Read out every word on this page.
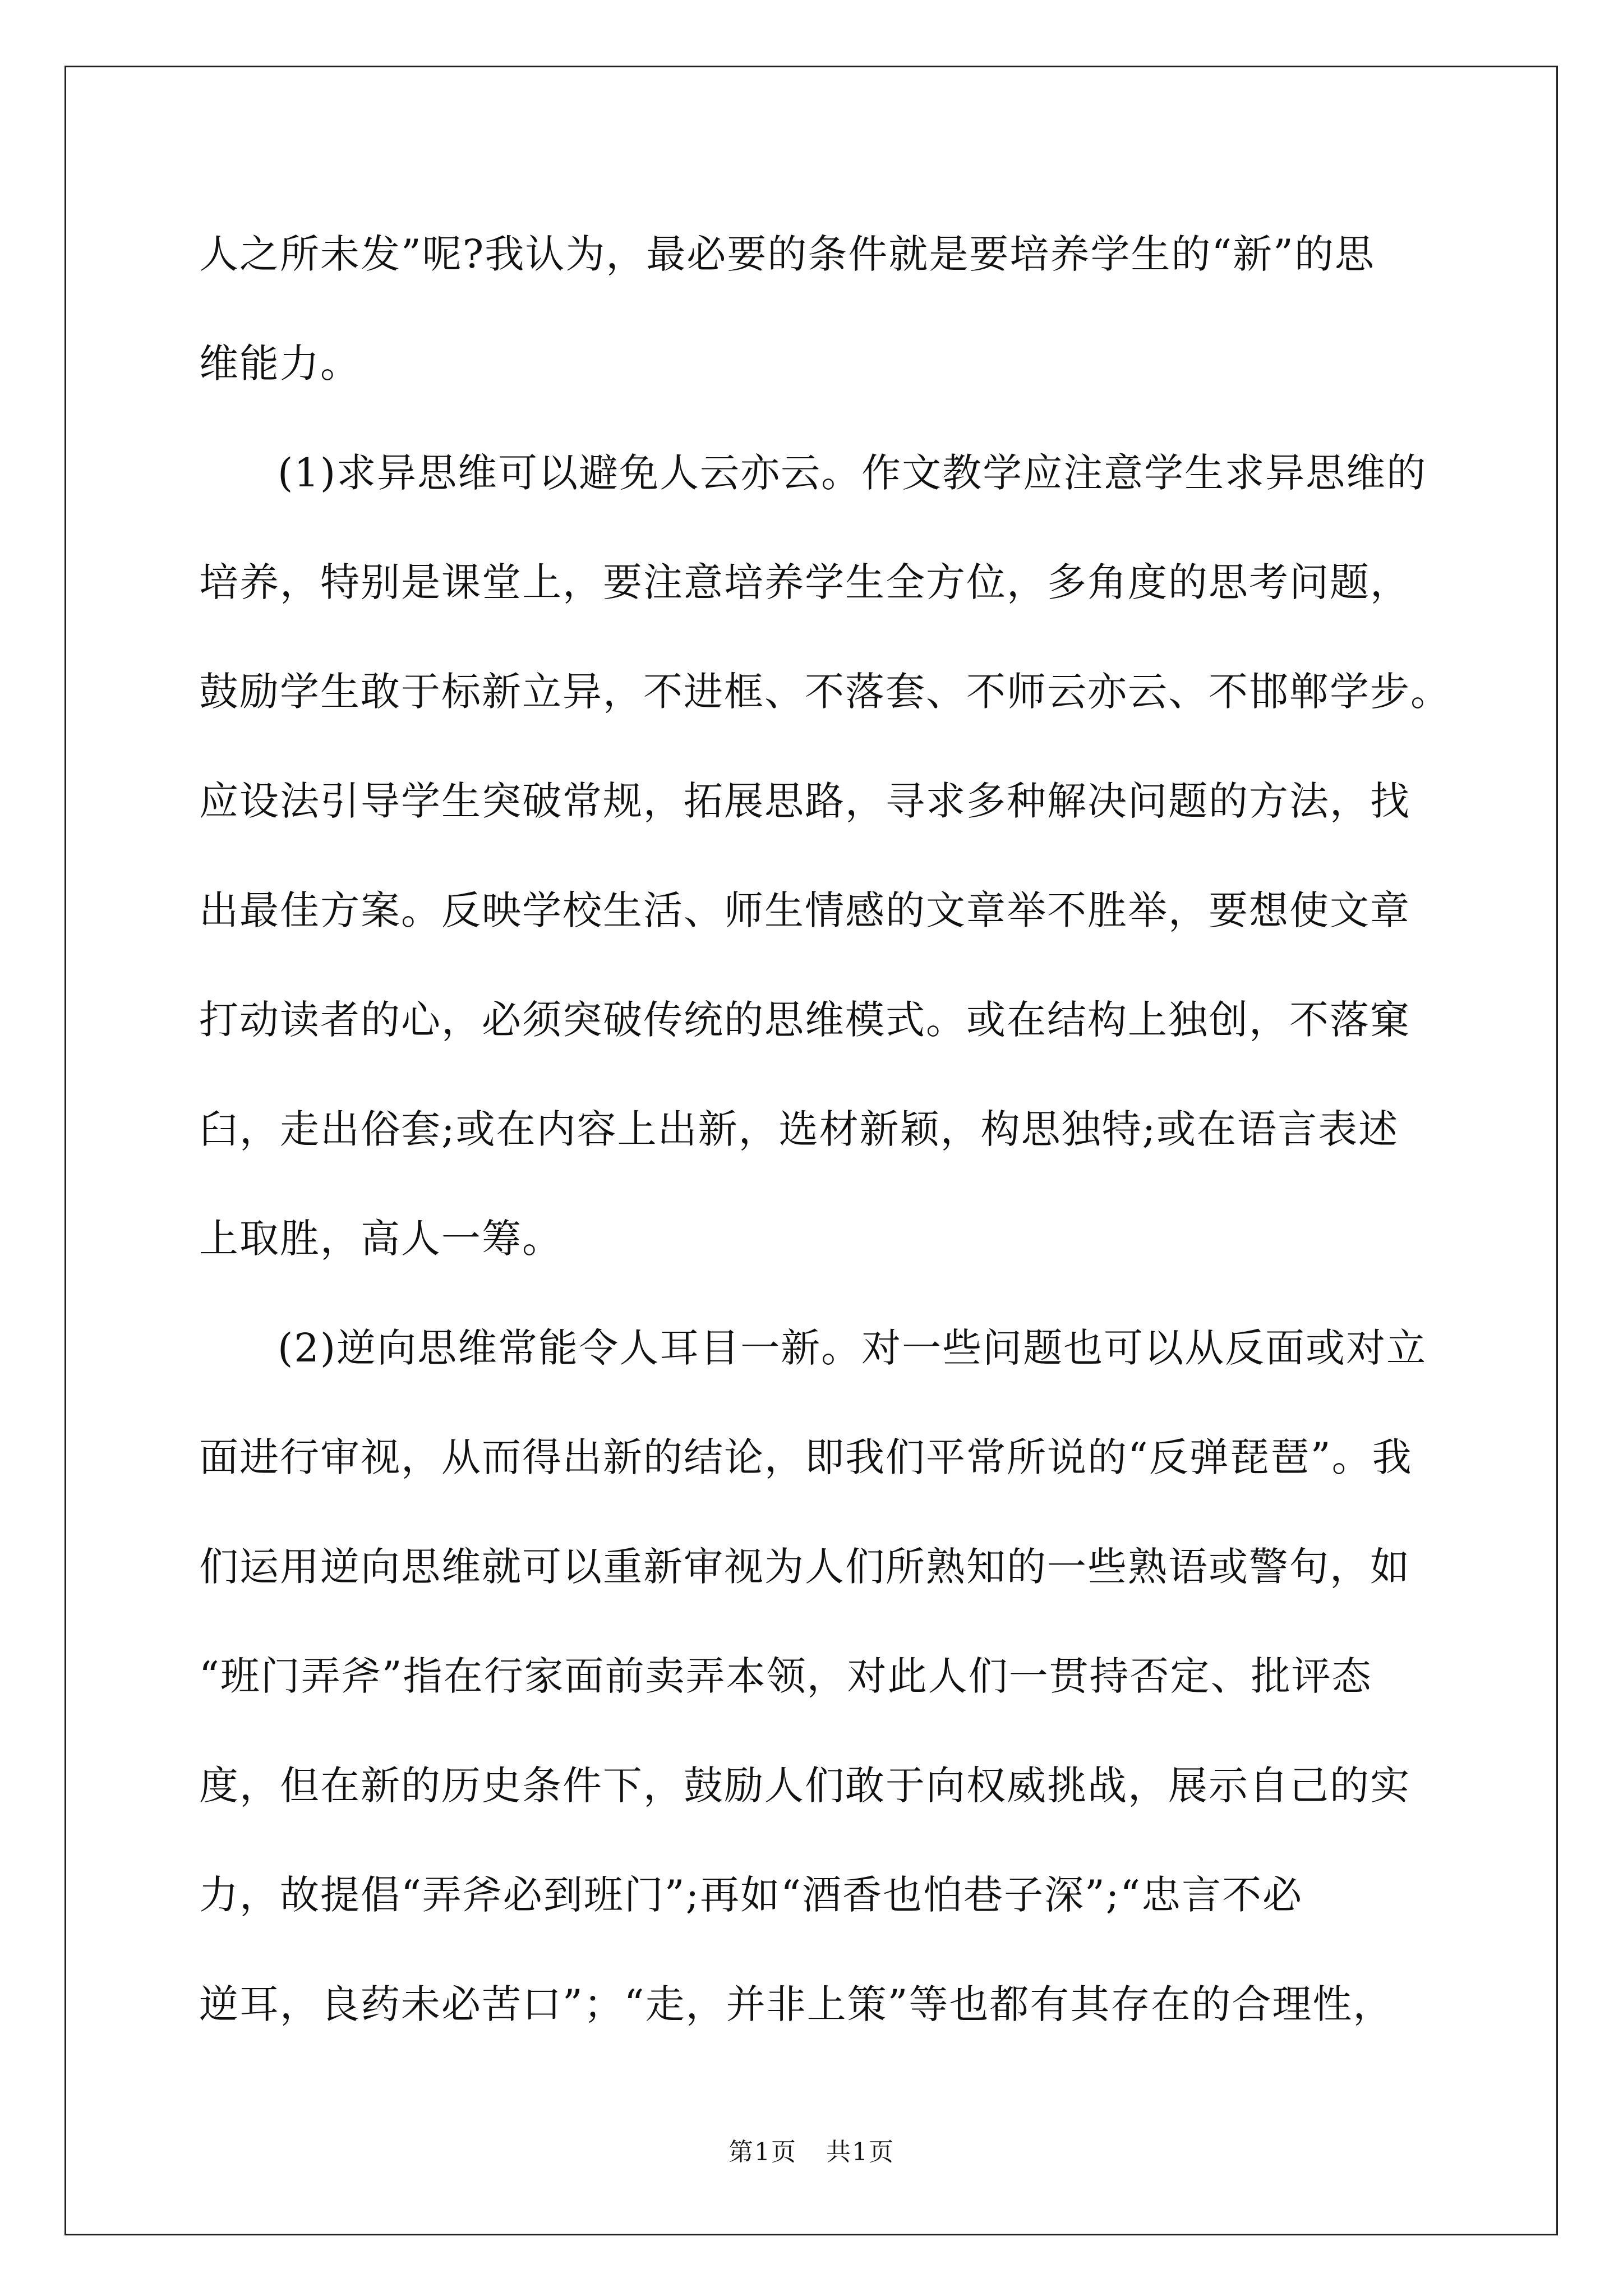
人之所未发”呢?我认为，最必要的条件就是要培养学生的“新”的思
维能力。
(1)求异思维可以避免人云亦云。作文教学应注意学生求异思维的
培养，特别是课堂上，要注意培养学生全方位，多角度的思考问题，
鼓励学生敢于标新立异，不进框、不落套、不师云亦云、不邯郸学步。
应设法引导学生突破常规，拓展思路，寻求多种解决问题的方法，找
出最佳方案。反映学校生活、师生情感的文章举不胜举，要想使文章
打动读者的心，必须突破传统的思维模式。或在结构上独创，不落窠
臼，走出俗套;或在内容上出新，选材新颖，构思独特;或在语言表述
上取胜，高人一筹。
(2)逆向思维常能令人耳目一新。对一些问题也可以从反面或对立
面进行审视，从而得出新的结论，即我们平常所说的“反弹琵琶”。我
们运用逆向思维就可以重新审视为人们所熟知的一些熟语或警句，如
“班门弄斧”指在行家面前卖弄本领，对此人们一贯持否定、批评态
度，但在新的历史条件下，鼓励人们敢于向权威挑战，展示自己的实
力，故提倡“弄斧必到班门”;再如“酒香也怕巷子深”;“忠言不必
逆耳，良药未必苦口”；“走，并非上策”等也都有其存在的合理性，
第1页 共1页
